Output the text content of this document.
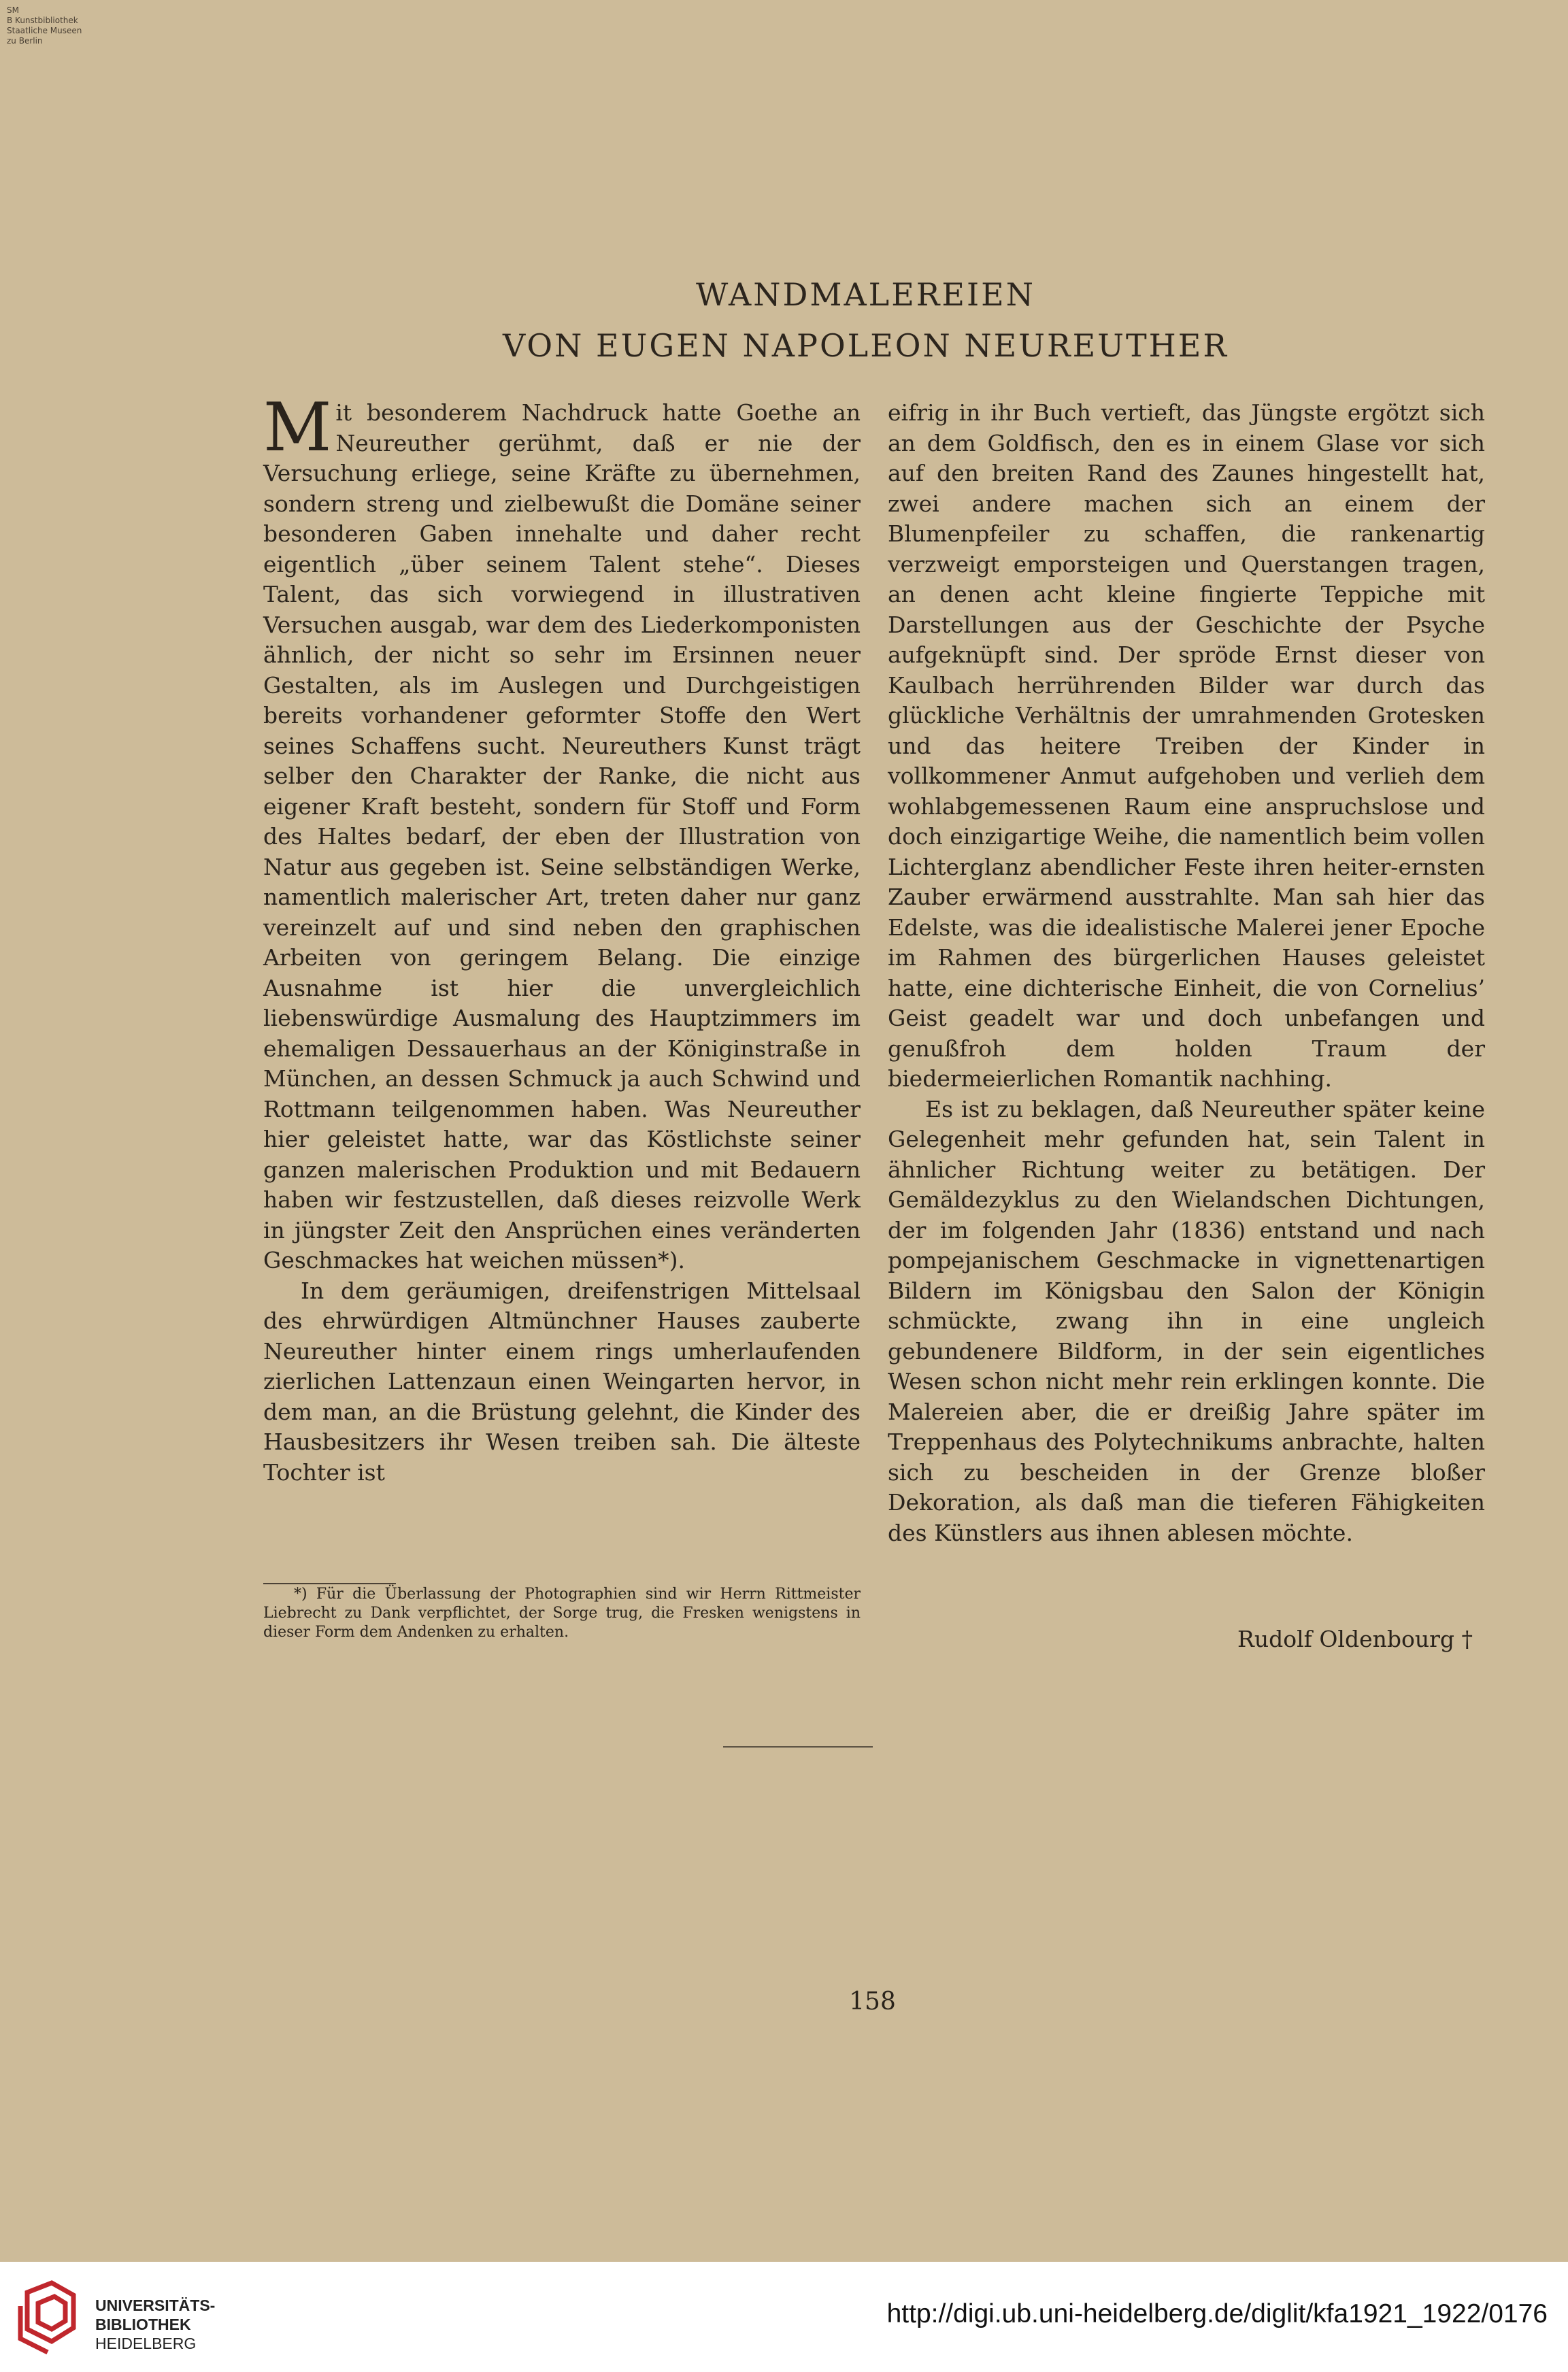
SM
B Kunstbibliothek
Staatliche Museen
zu Berlin
WANDMALEREIEN
VON EUGEN NAPOLEON NEUREUTHER

Mit besonderem Nachdruck hatte Goethe an Neureuther gerühmt, daß er nie der Versuchung erliege, seine Kräfte zu übernehmen, sondern streng und zielbewußt die Domäne seiner besonderen Gaben innehalte und daher recht eigentlich „über seinem Talent stehe“. Dieses Talent, das sich vorwiegend in illustrativen Versuchen ausgab, war dem des Liederkomponisten ähnlich, der nicht so sehr im Ersinnen neuer Gestalten, als im Auslegen und Durchgeistigen bereits vorhandener geformter Stoffe den Wert seines Schaffens sucht. Neureuthers Kunst trägt selber den Charakter der Ranke, die nicht aus eigener Kraft besteht, sondern für Stoff und Form des Haltes bedarf, der eben der Illustration von Natur aus gegeben ist. Seine selbständigen Werke, namentlich malerischer Art, treten daher nur ganz vereinzelt auf und sind neben den graphischen Arbeiten von geringem Belang. Die einzige Ausnahme ist hier die unvergleichlich liebenswürdige Ausmalung des Hauptzimmers im ehemaligen Dessauerhaus an der Königinstraße in München, an dessen Schmuck ja auch Schwind und Rottmann teilgenommen haben. Was Neureuther hier geleistet hatte, war das Köstlichste seiner ganzen malerischen Produktion und mit Bedauern haben wir festzustellen, daß dieses reizvolle Werk in jüngster Zeit den Ansprüchen eines veränderten Geschmackes hat weichen müssen*).

In dem geräumigen, dreifenstrigen Mittelsaal des ehrwürdigen Altmünchner Hauses zauberte Neureuther hinter einem rings umherlaufenden zierlichen Lattenzaun einen Weingarten hervor, in dem man, an die Brüstung gelehnt, die Kinder des Hausbesitzers ihr Wesen treiben sah. Die älteste Tochter ist

*) Für die Überlassung der Photographien sind wir Herrn Rittmeister Liebrecht zu Dank verpflichtet, der Sorge trug, die Fresken wenigstens in dieser Form dem Andenken zu erhalten.

eifrig in ihr Buch vertieft, das Jüngste ergötzt sich an dem Goldfisch, den es in einem Glase vor sich auf den breiten Rand des Zaunes hingestellt hat, zwei andere machen sich an einem der Blumenpfeiler zu schaffen, die rankenartig verzweigt emporsteigen und Querstangen tragen, an denen acht kleine fingierte Teppiche mit Darstellungen aus der Geschichte der Psyche aufgeknüpft sind. Der spröde Ernst dieser von Kaulbach herrührenden Bilder war durch das glückliche Verhältnis der umrahmenden Grotesken und das heitere Treiben der Kinder in vollkommener Anmut aufgehoben und verlieh dem wohlabgemessenen Raum eine anspruchslose und doch einzigartige Weihe, die namentlich beim vollen Lichterglanz abendlicher Feste ihren heiter-ernsten Zauber erwärmend ausstrahlte. Man sah hier das Edelste, was die idealistische Malerei jener Epoche im Rahmen des bürgerlichen Hauses geleistet hatte, eine dichterische Einheit, die von Cornelius’ Geist geadelt war und doch unbefangen und genußfroh dem holden Traum der biedermeierlichen Romantik nachhing.

Es ist zu beklagen, daß Neureuther später keine Gelegenheit mehr gefunden hat, sein Talent in ähnlicher Richtung weiter zu betätigen. Der Gemäldezyklus zu den Wielandschen Dichtungen, der im folgenden Jahr (1836) entstand und nach pompejanischem Geschmacke in vignettenartigen Bildern im Königsbau den Salon der Königin schmückte, zwang ihn in eine ungleich gebundenere Bildform, in der sein eigentliches Wesen schon nicht mehr rein erklingen konnte. Die Malereien aber, die er dreißig Jahre später im Treppenhaus des Polytechnikums anbrachte, halten sich zu bescheiden in der Grenze bloßer Dekoration, als daß man die tieferen Fähigkeiten des Künstlers aus ihnen ablesen möchte.

Rudolf Oldenbourg †
158
UNIVERSITÄTS-
BIBLIOTHEK
HEIDELBERG
http://digi.ub.uni-heidelberg.de/diglit/kfa1921_1922/0176
